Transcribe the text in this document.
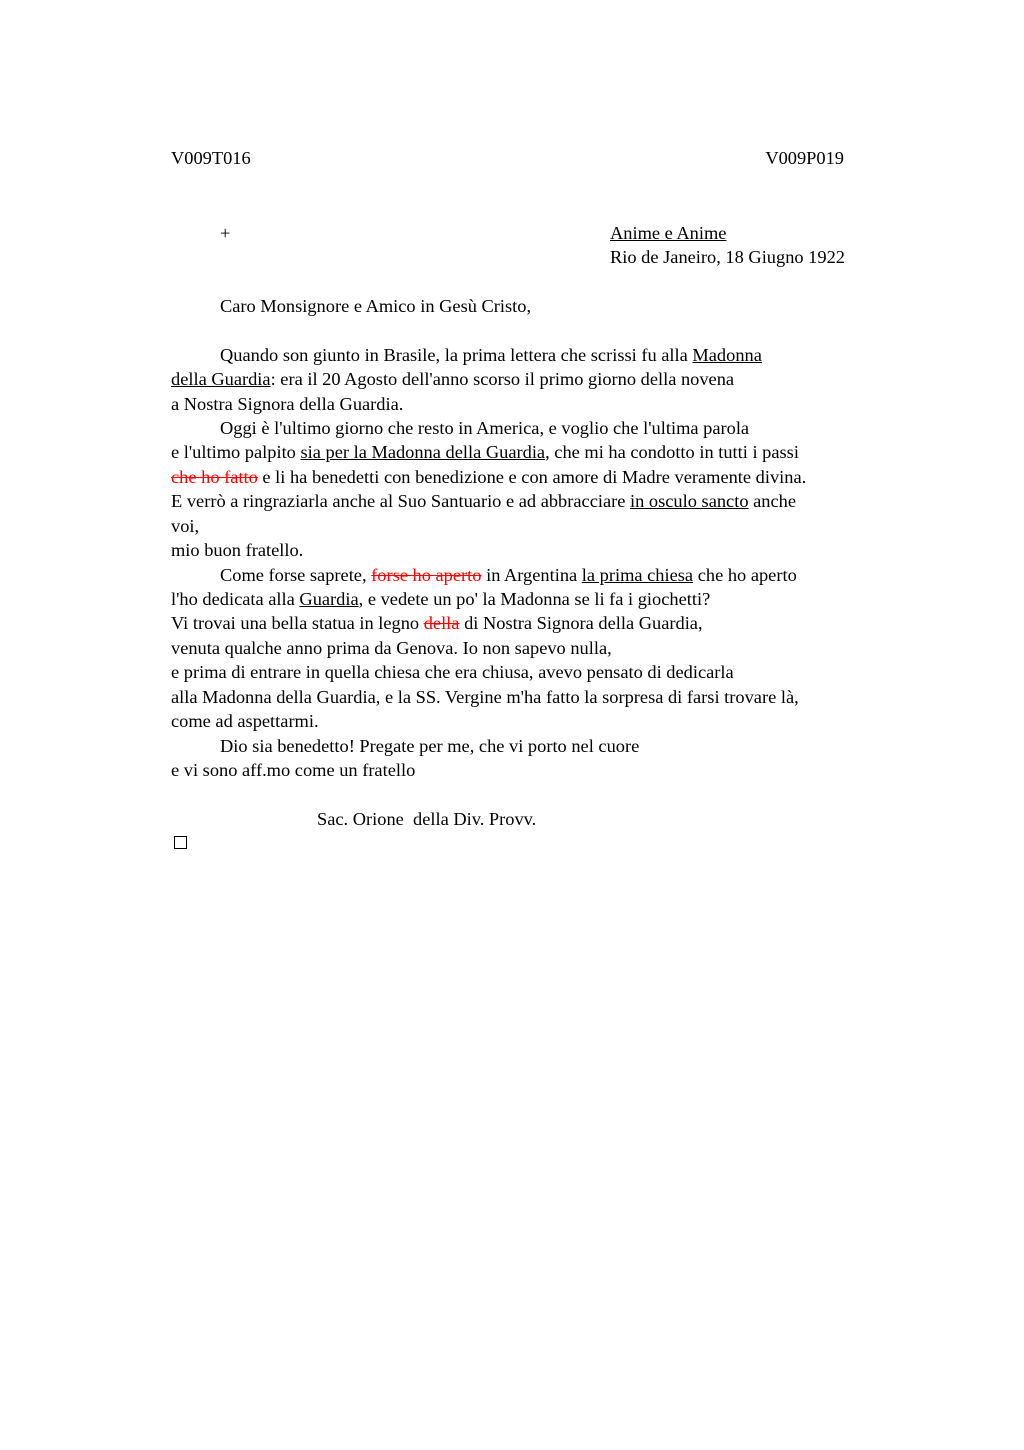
V009T016	V009P019
+	Anime e Anime
Rio de Janeiro, 18 Giugno 1922
Caro Monsignore e Amico in Gesù Cristo,
Quando son giunto in Brasile, la prima lettera che scrissi fu alla Madonna
della Guardia: era il 20 Agosto dell'anno scorso il primo giorno della novena
a Nostra Signora della Guardia.
Oggi è l'ultimo giorno che resto in America, e voglio che l'ultima parola
e l'ultimo palpito sia per la Madonna della Guardia, che mi ha condotto in tutti i passi
che ho fatto e li ha benedetti con benedizione e con amore di Madre veramente divina.
E verrò a ringraziarla anche al Suo Santuario e ad abbracciare in osculo sancto anche
voi,
mio buon fratello.
Come forse saprete, forse ho aperto in Argentina la prima chiesa che ho aperto
l'ho dedicata alla Guardia, e vedete un po' la Madonna se li fa i giochetti?
Vi trovai una bella statua in legno della di Nostra Signora della Guardia,
venuta qualche anno prima da Genova. Io non sapevo nulla,
e prima di entrare in quella chiesa che era chiusa, avevo pensato di dedicarla
alla Madonna della Guardia, e la SS. Vergine m'ha fatto la sorpresa di farsi trovare là,
come ad aspettarmi.
Dio sia benedetto! Pregate per me, che vi porto nel cuore
e vi sono aff.mo come un fratello
Sac. Orione  della Div. Provv.
